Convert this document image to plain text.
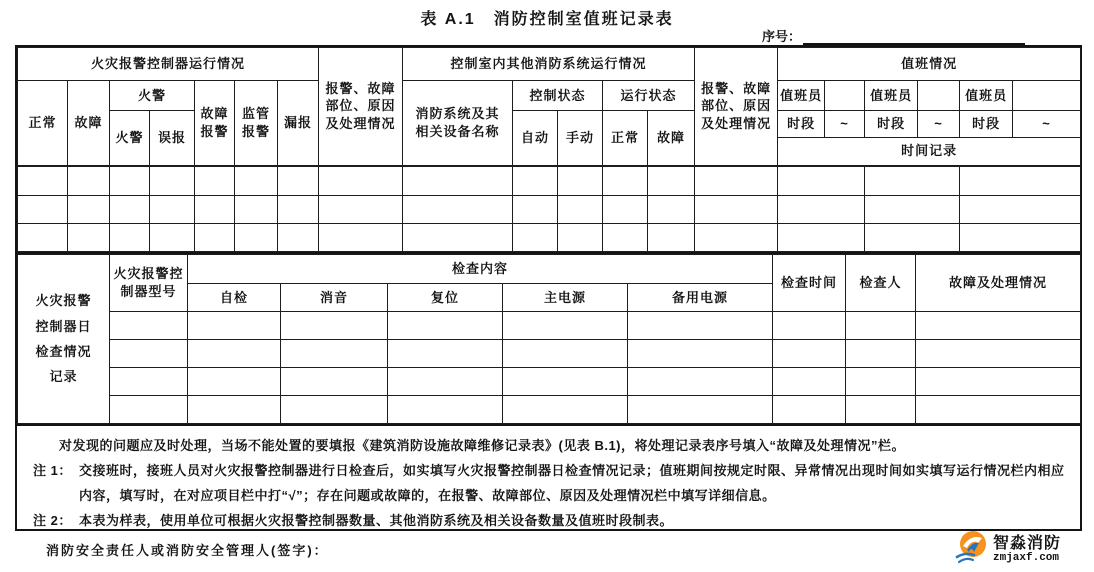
表 A.1　消防控制室值班记录表
序号：
火灾报警控制器运行情况							报警、故障部位、原因及处理情况	控制室内其他消防系统运行情况					报警、故障部位、原因及处理情况	值班情况					
正常	故障	火警		故障报警	监管报警	漏报		消防系统及其相关设备名称	控制状态		运行状态			值班员		值班员		值班员	
		火警	误报						自动	手动	正常	故障		时段	~	时段	~	时段	~
														时间记录					

火灾报警控制器日检查情况记录	火灾报警控制器型号	检查内容					检查时间	检查人	故障及处理情况
		自检	消音	复位	主电源	备用电源			

对发现的问题应及时处理，当场不能处置的要填报《建筑消防设施故障维修记录表》(见表 B.1)，将处理记录表序号填入“故障及处理情况”栏。

注 1： 交接班时，接班人员对火灾报警控制器进行日检查后，如实填写火灾报警控制器日检查情况记录；值班期间按规定时限、异常情况出现时间如实填写运行情况栏内相应内容，填写时，在对应项目栏中打“√”；存在问题或故障的，在报警、故障部位、原因及处理情况栏中填写详细信息。

注 2： 本表为样表，使用单位可根据火灾报警控制器数量、其他消防系统及相关设备数量及值班时段制表。

消防安全责任人或消防安全管理人(签字)：	智淼消防
zmjaxf.com
